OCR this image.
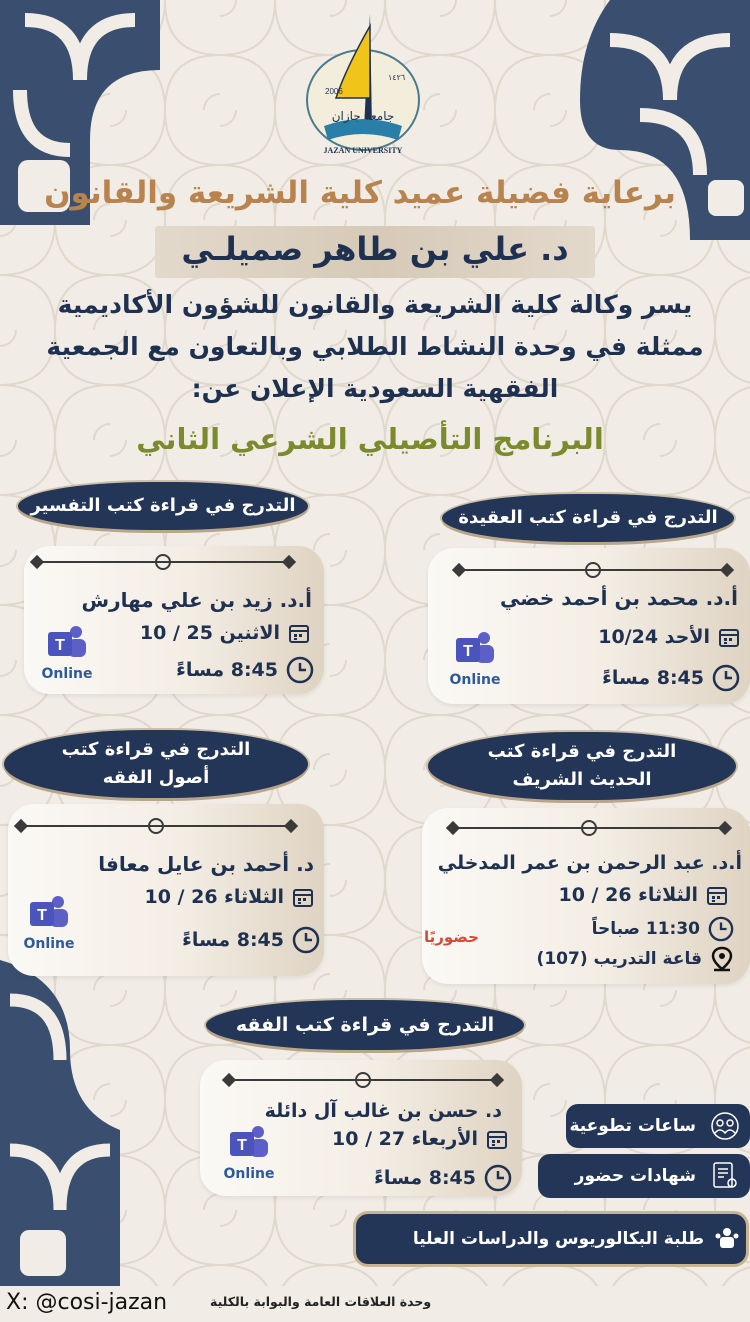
2006
١٤٢٦
جامعة جازان
JAZAN UNIVERSITY
برعاية فضيلة عميد كلية الشريعة والقانون
د. علي بن طاهر صميلـي
يسر وكالة كلية الشريعة والقانون للشؤون الأكاديمية
ممثلة في وحدة النشاط الطلابي وبالتعاون مع الجمعية
الفقهية السعودية الإعلان عن:
البرنامج التأصيلي الشرعي الثاني
التدرج في قراءة كتب العقيدة
أ.د. محمد بن أحمد خضي
الأحد 10/24
8:45 مساءً
T
Online
التدرج في قراءة كتب التفسير
أ.د. زيد بن علي مهارش
الاثنين 25 / 10
8:45 مساءً
T
Online
التدرج في قراءة كتب الحديث الشريف
أ.د. عبد الرحمن بن عمر المدخلي
الثلاثاء 26 / 10
11:30 صباحاً
قاعة التدريب (107)
حضوريًا
التدرج في قراءة كتب أصول الفقه
د. أحمد بن عايل معافا
الثلاثاء 26 / 10
8:45 مساءً
T
Online
التدرج في قراءة كتب الفقه
د. حسن بن غالب آل دائلة
الأربعاء 27 / 10
8:45 مساءً
T
Online
ساعات تطوعية
شهادات حضور
طلبة البكالوريوس والدراسات العليا
X: @cosi-jazan	وحدة العلاقات العامة والبوابة بالكلية
